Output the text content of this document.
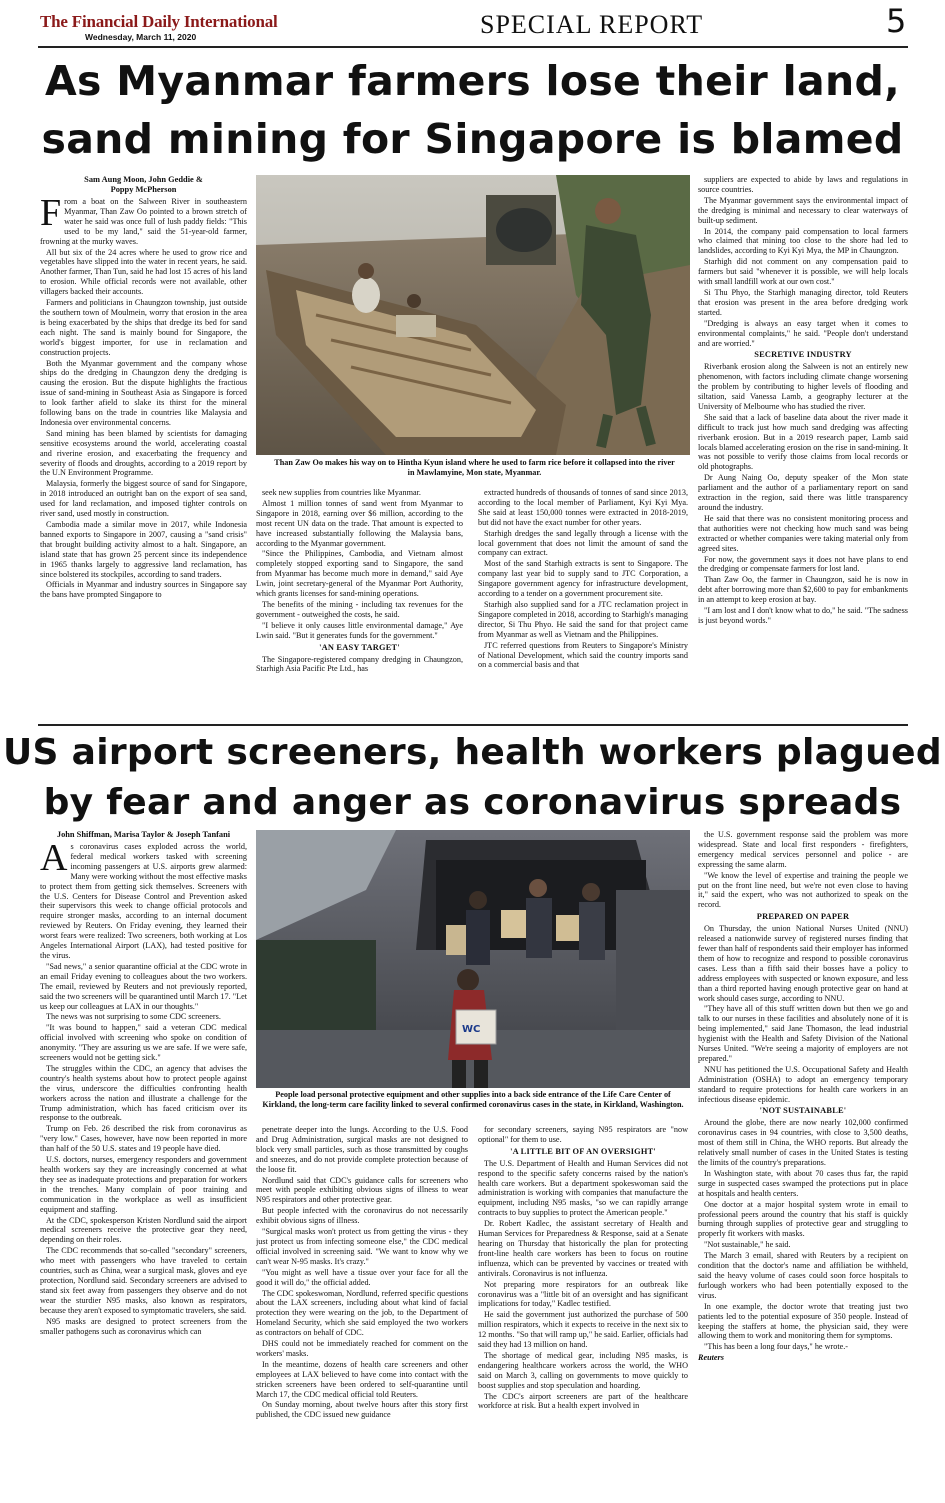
The Financial Daily International
Wednesday, March 11, 2020	SPECIAL REPORT	5
As Myanmar farmers lose their land,
sand mining for Singapore is blamed
Sam Aung Moon, John Geddie & Poppy McPherson
F rom a boat on the Salween River in southeastern Myanmar, Than Zaw Oo pointed to a brown stretch of water he said was once full of lush paddy fields: "This used to be my land," said the 51-year-old farmer, frowning at the murky waves.

All but six of the 24 acres where he used to grow rice and vegetables have slipped into the water in recent years, he said. Another farmer, Than Tun, said he had lost 15 acres of his land to erosion. While official records were not available, other villagers backed their accounts.

Farmers and politicians in Chaungzon township, just outside the southern town of Moulmein, worry that erosion in the area is being exacerbated by the ships that dredge its bed for sand each night. The sand is mainly bound for Singapore, the world's biggest importer, for use in reclamation and construction projects.

Both the Myanmar government and the company whose ships do the dredging in Chaungzon deny the dredging is causing the erosion. But the dispute highlights the fractious issue of sand-mining in Southeast Asia as Singapore is forced to look farther afield to slake its thirst for the mineral following bans on the trade in countries like Malaysia and Indonesia over environmental concerns.

Sand mining has been blamed by scientists for damaging sensitive ecosystems around the world, accelerating coastal and riverine erosion, and exacerbating the frequency and severity of floods and droughts, according to a 2019 report by the U.N Environment Programme.

Malaysia, formerly the biggest source of sand for Singapore, in 2018 introduced an outright ban on the export of sea sand, used for land reclamation, and imposed tighter controls on river sand, used mostly in construction.

Cambodia made a similar move in 2017, while Indonesia banned exports to Singapore in 2007, causing a "sand crisis" that brought building activity almost to a halt. Singapore, an island state that has grown 25 percent since its independence in 1965 thanks largely to aggressive land reclamation, has since bolstered its stockpiles, according to sand traders.

Officials in Myanmar and industry sources in Singapore say the bans have prompted Singapore to

Than Zaw Oo makes his way on to Hintha Kyun island where he used to farm rice before it collapsed into the river in Mawlamyine, Mon state, Myanmar.

seek new supplies from countries like Myanmar.

Almost 1 million tonnes of sand went from Myanmar to Singapore in 2018, earning over $6 million, according to the most recent UN data on the trade. That amount is expected to have increased substantially following the Malaysia bans, according to the Myanmar government.

"Since the Philippines, Cambodia, and Vietnam almost completely stopped exporting sand to Singapore, the sand from Myanmar has become much more in demand," said Aye Lwin, joint secretary-general of the Myanmar Port Authority, which grants licenses for sand-mining operations.

The benefits of the mining - including tax revenues for the government - outweighed the costs, he said.

"I believe it only causes little environmental damage," Aye Lwin said. "But it generates funds for the government."

'AN EASY TARGET'

The Singapore-registered company dredging in Chaungzon, Starhigh Asia Pacific Pte Ltd., has

extracted hundreds of thousands of tonnes of sand since 2013, according to the local member of Parliament, Kyi Kyi Mya. She said at least 150,000 tonnes were extracted in 2018-2019, but did not have the exact number for other years.

Starhigh dredges the sand legally through a license with the local government that does not limit the amount of sand the company can extract.

Most of the sand Starhigh extracts is sent to Singapore. The company last year bid to supply sand to JTC Corporation, a Singapore government agency for infrastructure development, according to a tender on a government procurement site.

Starhigh also supplied sand for a JTC reclamation project in Singapore completed in 2018, according to Starhigh's managing director, Si Thu Phyo. He said the sand for that project came from Myanmar as well as Vietnam and the Philippines.

JTC referred questions from Reuters to Singapore's Ministry of National Development, which said the country imports sand on a commercial basis and that

suppliers are expected to abide by laws and regulations in source countries.

The Myanmar government says the environmental impact of the dredging is minimal and necessary to clear waterways of built-up sediment.

In 2014, the company paid compensation to local farmers who claimed that mining too close to the shore had led to landslides, according to Kyi Kyi Mya, the MP in Chaungzon.

Starhigh did not comment on any compensation paid to farmers but said "whenever it is possible, we will help locals with small landfill work at our own cost."

Si Thu Phyo, the Starhigh managing director, told Reuters that erosion was present in the area before dredging work started.

"Dredging is always an easy target when it comes to environmental complaints," he said. "People don't understand and are worried."

SECRETIVE INDUSTRY

Riverbank erosion along the Salween is not an entirely new phenomenon, with factors including climate change worsening the problem by contributing to higher levels of flooding and siltation, said Vanessa Lamb, a geography lecturer at the University of Melbourne who has studied the river.

She said that a lack of baseline data about the river made it difficult to track just how much sand dredging was affecting riverbank erosion. But in a 2019 research paper, Lamb said locals blamed accelerating erosion on the rise in sand-mining. It was not possible to verify those claims from local records or old photographs.

Dr Aung Naing Oo, deputy speaker of the Mon state parliament and the author of a parliamentary report on sand extraction in the region, said there was little transparency around the industry.

He said that there was no consistent monitoring process and that authorities were not checking how much sand was being extracted or whether companies were taking material only from agreed sites.

For now, the government says it does not have plans to end the dredging or compensate farmers for lost land.

Than Zaw Oo, the farmer in Chaungzon, said he is now in debt after borrowing more than $2,600 to pay for embankments in an attempt to keep erosion at bay.

"I am lost and I don't know what to do," he said. "The sadness is just beyond words."

US airport screeners, health workers plagued
by fear and anger as coronavirus spreads
John Shiffman, Marisa Taylor & Joseph Tanfani
A s coronavirus cases exploded across the world, federal medical workers tasked with screening incoming passengers at U.S. airports grew alarmed: Many were working without the most effective masks to protect them from getting sick themselves. Screeners with the U.S. Centers for Disease Control and Prevention asked their supervisors this week to change official protocols and require stronger masks, according to an internal document reviewed by Reuters. On Friday evening, they learned their worst fears were realized: Two screeners, both working at Los Angeles International Airport (LAX), had tested positive for the virus.

"Sad news," a senior quarantine official at the CDC wrote in an email Friday evening to colleagues about the two workers. The email, reviewed by Reuters and not previously reported, said the two screeners will be quarantined until March 17. "Let us keep our colleagues at LAX in our thoughts."

The news was not surprising to some CDC screeners.

"It was bound to happen," said a veteran CDC medical official involved with screening who spoke on condition of anonymity. "They are assuring us we are safe. If we were safe, screeners would not be getting sick."

The struggles within the CDC, an agency that advises the country's health systems about how to protect people against the virus, underscore the difficulties confronting health workers across the nation and illustrate a challenge for the Trump administration, which has faced criticism over its response to the outbreak.

Trump on Feb. 26 described the risk from coronavirus as "very low." Cases, however, have now been reported in more than half of the 50 U.S. states and 19 people have died.

U.S. doctors, nurses, emergency responders and government health workers say they are increasingly concerned at what they see as inadequate protections and preparation for workers in the trenches. Many complain of poor training and communication in the workplace as well as insufficient equipment and staffing.

At the CDC, spokesperson Kristen Nordlund said the airport medical screeners receive the protective gear they need, depending on their roles.

The CDC recommends that so-called "secondary" screeners, who meet with passengers who have traveled to certain countries, such as China, wear a surgical mask, gloves and eye protection, Nordlund said. Secondary screeners are advised to stand six feet away from passengers they observe and do not wear the sturdier N95 masks, also known as respirators, because they aren't exposed to symptomatic travelers, she said.

N95 masks are designed to protect screeners from the smaller pathogens such as coronavirus which can

WC
People load personal protective equipment and other supplies into a back side entrance of the Life Care Center of Kirkland, the long-term care facility linked to several confirmed coronavirus cases in the state, in Kirkland, Washington.

penetrate deeper into the lungs. According to the U.S. Food and Drug Administration, surgical masks are not designed to block very small particles, such as those transmitted by coughs and sneezes, and do not provide complete protection because of the loose fit.

Nordlund said that CDC's guidance calls for screeners who meet with people exhibiting obvious signs of illness to wear N95 respirators and other protective gear.

But people infected with the coronavirus do not necessarily exhibit obvious signs of illness.

"Surgical masks won't protect us from getting the virus - they just protect us from infecting someone else," the CDC medical official involved in screening said. "We want to know why we can't wear N-95 masks. It's crazy."

"You might as well have a tissue over your face for all the good it will do," the official added.

The CDC spokeswoman, Nordlund, referred specific questions about the LAX screeners, including about what kind of facial protection they were wearing on the job, to the Department of Homeland Security, which she said employed the two workers as contractors on behalf of CDC.

DHS could not be immediately reached for comment on the workers' masks.

In the meantime, dozens of health care screeners and other employees at LAX believed to have come into contact with the stricken screeners have been ordered to self-quarantine until March 17, the CDC medical official told Reuters.

On Sunday morning, about twelve hours after this story first published, the CDC issued new guidance

for secondary screeners, saying N95 respirators are "now optional" for them to use.

'A LITTLE BIT OF AN OVERSIGHT'

The U.S. Department of Health and Human Services did not respond to the specific safety concerns raised by the nation's health care workers. But a department spokeswoman said the administration is working with companies that manufacture the equipment, including N95 masks, "so we can rapidly arrange contracts to buy supplies to protect the American people."

Dr. Robert Kadlec, the assistant secretary of Health and Human Services for Preparedness & Response, said at a Senate hearing on Thursday that historically the plan for protecting front-line health care workers has been to focus on routine influenza, which can be prevented by vaccines or treated with antivirals. Coronavirus is not influenza.

Not preparing more respirators for an outbreak like coronavirus was a "little bit of an oversight and has significant implications for today," Kadlec testified.

He said the government just authorized the purchase of 500 million respirators, which it expects to receive in the next six to 12 months. "So that will ramp up," he said. Earlier, officials had said they had 13 million on hand.

The shortage of medical gear, including N95 masks, is endangering healthcare workers across the world, the WHO said on March 3, calling on governments to move quickly to boost supplies and stop speculation and hoarding.

The CDC's airport screeners are part of the healthcare workforce at risk. But a health expert involved in

the U.S. government response said the problem was more widespread. State and local first responders - firefighters, emergency medical services personnel and police - are expressing the same alarm.

"We know the level of expertise and training the people we put on the front line need, but we're not even close to having it," said the expert, who was not authorized to speak on the record.

PREPARED ON PAPER

On Thursday, the union National Nurses United (NNU) released a nationwide survey of registered nurses finding that fewer than half of respondents said their employer has informed them of how to recognize and respond to possible coronavirus cases. Less than a fifth said their bosses have a policy to address employees with suspected or known exposure, and less than a third reported having enough protective gear on hand at work should cases surge, according to NNU.

"They have all of this stuff written down but then we go and talk to our nurses in these facilities and absolutely none of it is being implemented," said Jane Thomason, the lead industrial hygienist with the Health and Safety Division of the National Nurses United. "We're seeing a majority of employers are not prepared."

NNU has petitioned the U.S. Occupational Safety and Health Administration (OSHA) to adopt an emergency temporary standard to require protections for health care workers in an infectious disease epidemic.

'NOT SUSTAINABLE'

Around the globe, there are now nearly 102,000 confirmed coronavirus cases in 94 countries, with close to 3,500 deaths, most of them still in China, the WHO reports. But already the relatively small number of cases in the United States is testing the limits of the country's preparations.

In Washington state, with about 70 cases thus far, the rapid surge in suspected cases swamped the protections put in place at hospitals and health centers.

One doctor at a major hospital system wrote in email to professional peers around the country that his staff is quickly burning through supplies of protective gear and struggling to properly fit workers with masks.

"Not sustainable," he said.

The March 3 email, shared with Reuters by a recipient on condition that the doctor's name and affiliation be withheld, said the heavy volume of cases could soon force hospitals to furlough workers who had been potentially exposed to the virus.

In one example, the doctor wrote that treating just two patients led to the potential exposure of 350 people. Instead of keeping the staffers at home, the physician said, they were allowing them to work and monitoring them for symptoms.

"This has been a long four days," he wrote.-

Reuters
